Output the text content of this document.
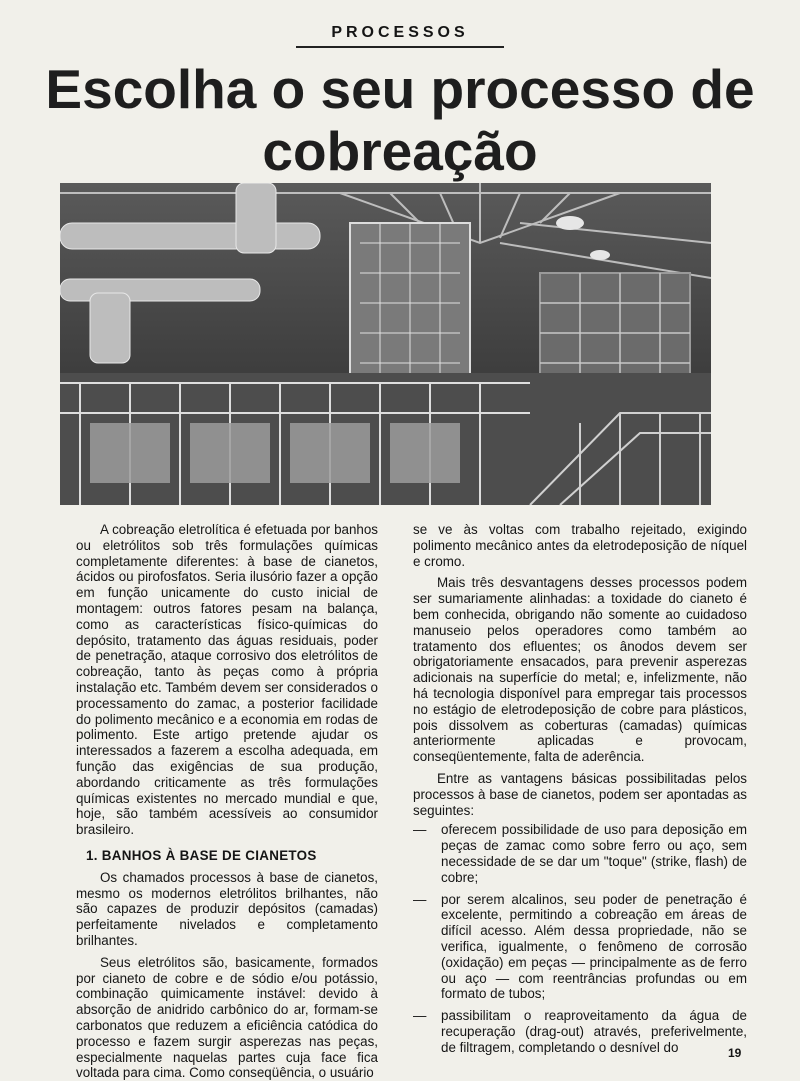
PROCESSOS
Escolha o seu processo de
cobreação

A cobreação eletrolítica é efetuada por banhos ou eletrólitos sob três formulações químicas completamente diferentes: à base de cianetos, ácidos ou pirofosfatos. Seria ilusório fazer a opção em função unicamente do custo inicial de montagem: outros fatores pesam na balança, como as características físico-químicas do depósito, tratamento das águas residuais, poder de penetração, ataque corrosivo dos eletrólitos de cobreação, tanto às peças como à própria instalação etc. Também devem ser considerados o processamento do zamac, a posterior facilidade do polimento mecânico e a economia em rodas de polimento. Este artigo pretende ajudar os interessados a fazerem a escolha adequada, em função das exigências de sua produção, abordando criticamente as três formulações químicas existentes no mercado mundial e que, hoje, são também acessíveis ao consumidor brasileiro.

1. BANHOS À BASE DE CIANETOS

Os chamados processos à base de cianetos, mesmo os modernos eletrólitos brilhantes, não são capazes de produzir depósitos (camadas) perfeitamente nivelados e completamento brilhantes.

Seus eletrólitos são, basicamente, formados por cianeto de cobre e de sódio e/ou potássio, combinação quimicamente instável: devido à absorção de anidrido carbônico do ar, formam-se carbonatos que reduzem a eficiência catódica do processo e fazem surgir asperezas nas peças, especialmente naquelas partes cuja face fica voltada para cima. Como conseqüência, o usuário

se ve às voltas com trabalho rejeitado, exigindo polimento mecânico antes da eletrodeposição de níquel e cromo.

Mais três desvantagens desses processos podem ser sumariamente alinhadas: a toxidade do cianeto é bem conhecida, obrigando não somente ao cuidadoso manuseio pelos operadores como também ao tratamento dos efluentes; os ânodos devem ser obrigatoriamente ensacados, para prevenir asperezas adicionais na superfície do metal; e, infelizmente, não há tecnologia disponível para empregar tais processos no estágio de eletrodeposição de cobre para plásticos, pois dissolvem as coberturas (camadas) químicas anteriormente aplicadas e provocam, conseqüentemente, falta de aderência.

Entre as vantagens básicas possibilitadas pelos processos à base de cianetos, podem ser apontadas as seguintes:

— oferecem possibilidade de uso para deposição em peças de zamac como sobre ferro ou aço, sem necessidade de se dar um "toque" (strike, flash) de cobre;
— por serem alcalinos, seu poder de penetração é excelente, permitindo a cobreação em áreas de difícil acesso. Além dessa propriedade, não se verifica, igualmente, o fenômeno de corrosão (oxidação) em peças — principalmente as de ferro ou aço — com reentrâncias profundas ou em formato de tubos;
— passibilitam o reaproveitamento da água de recuperação (drag-out) através, preferivelmente, de filtragem, completando o desnível do	19
